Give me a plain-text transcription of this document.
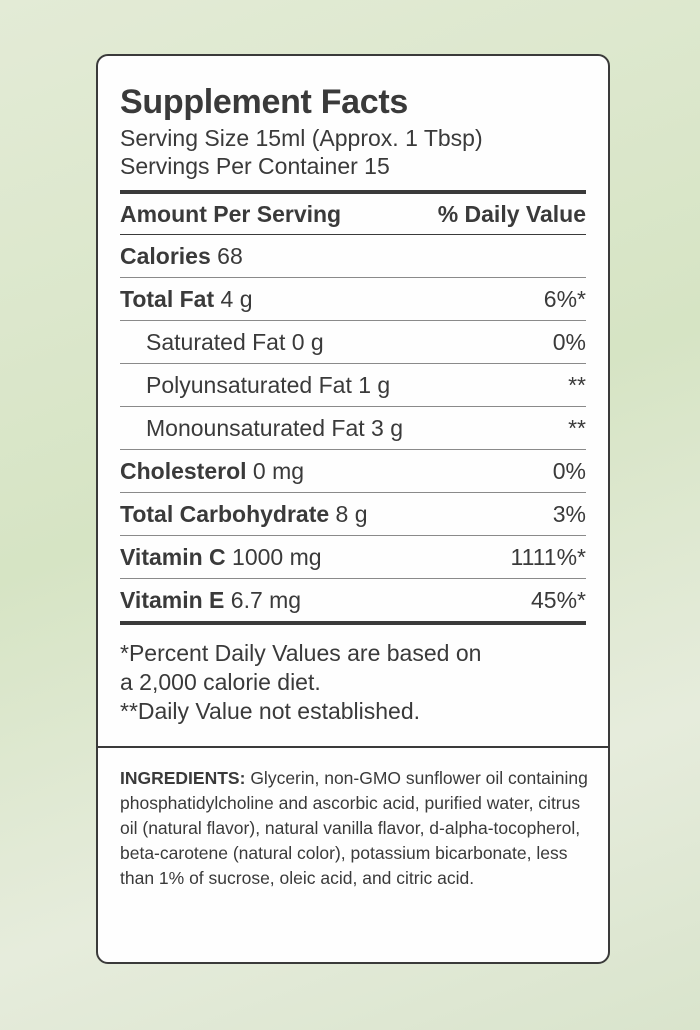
Supplement Facts
Serving Size 15ml (Approx. 1 Tbsp)
Servings Per Container 15
Amount Per Serving	% Daily Value
Calories 68
Total Fat 4 g	6%*
Saturated Fat 0 g	0%
Polyunsaturated Fat 1 g	**
Monounsaturated Fat 3 g	**
Cholesterol 0 mg	0%
Total Carbohydrate 8 g	3%
Vitamin C 1000 mg	1111%*
Vitamin E 6.7 mg	45%*
*Percent Daily Values are based on
a 2,000 calorie diet.
**Daily Value not established.
INGREDIENTS: Glycerin, non-GMO sunflower oil containing phosphatidylcholine and ascorbic acid, purified water, citrus oil (natural flavor), natural vanilla flavor, d-alpha-tocopherol, beta-carotene (natural color), potassium bicarbonate, less than 1% of sucrose, oleic acid, and citric acid.
